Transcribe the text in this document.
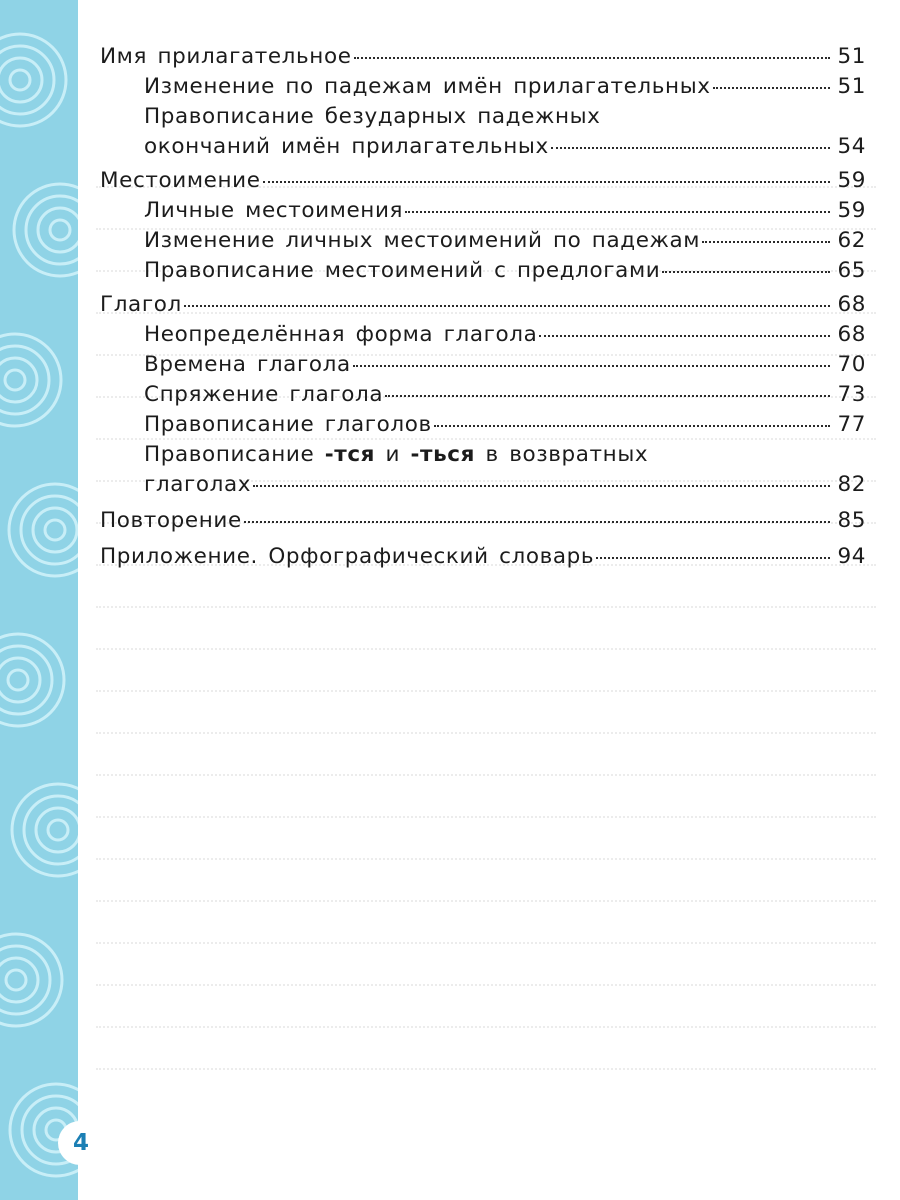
Имя прилагательное	51
Изменение по падежам имён прилагательных	51
Правописание безударных падежных
окончаний имён прилагательных	54
Местоимение	59
Личные местоимения	59
Изменение личных местоимений по падежам	62
Правописание местоимений с предлогами	65
Глагол	68
Неопределённая форма глагола	68
Времена глагола	70
Спряжение глагола	73
Правописание глаголов	77
Правописание -тся и -ться в возвратных
глаголах	82
Повторение	85
Приложение. Орфографический словарь	94
4
